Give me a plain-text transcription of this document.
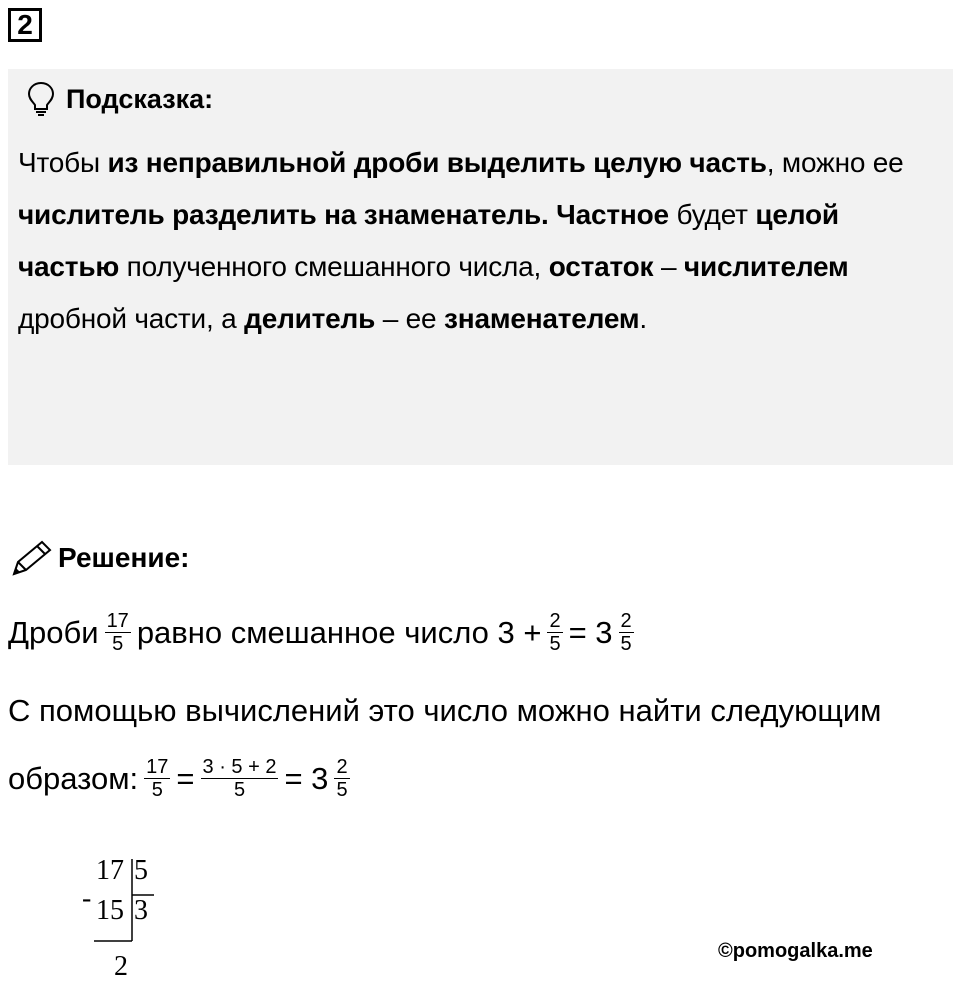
2
Подсказка:
Чтобы из неправильной дроби выделить целую часть, можно ее числитель разделить на знаменатель. Частное будет целой частью полученного смешанного числа, остаток – числителем дробной части, а делитель – ее знаменателем.
Решение:
Дроби $\frac{17}{5}$ равно смешанное число $3 + \frac{2}{5} = 3 \frac{2}{5}$
С помощью вычислений это число можно найти следующим
образом: $\frac{17}{5} = \frac{3 \cdot 5 + 2}{5} = 3 \frac{2}{5}$
-
17 5
15 3
2	©pomogalka.me
